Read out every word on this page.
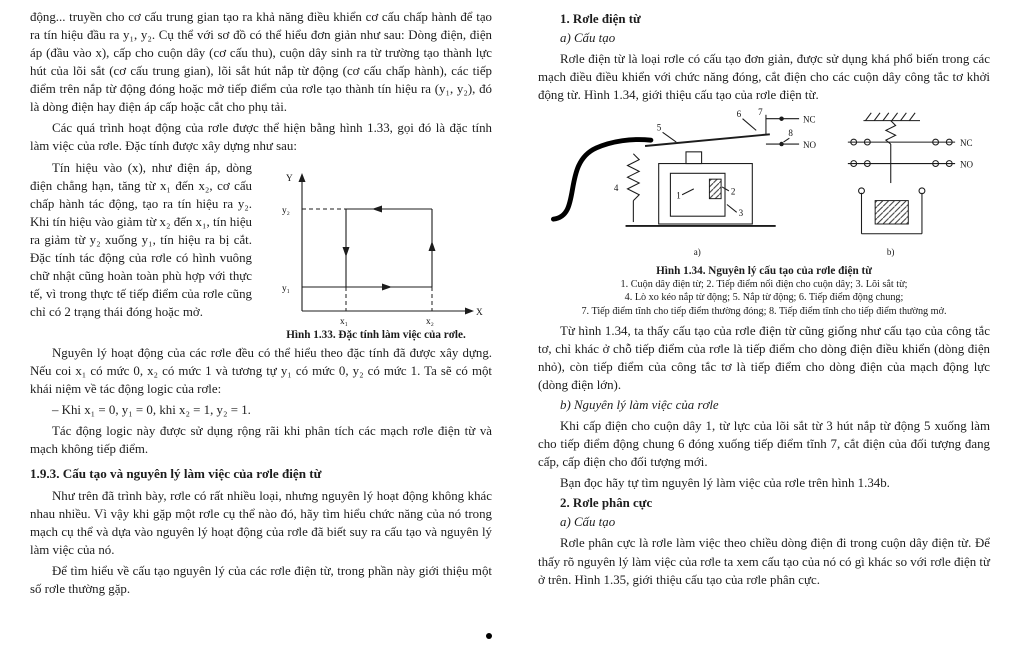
động... truyền cho cơ cấu trung gian tạo ra khả năng điều khiển cơ cấu chấp hành để tạo ra tín hiệu đầu ra y₁, y₂. Cụ thể với sơ đồ có thể hiểu đơn giản như sau: Dòng điện, điện áp (đầu vào x), cấp cho cuộn dây (cơ cấu thu), cuộn dây sinh ra từ trường tạo thành lực hút của lõi sắt (cơ cấu trung gian), lõi sắt hút nắp từ động (cơ cấu chấp hành), các tiếp điểm trên nắp từ động đóng hoặc mở tiếp điểm của rơle tạo thành tín hiệu ra (y₁, y₂), đó là dòng điện hay điện áp cấp hoặc cắt cho phụ tải.

Các quá trình hoạt động của rơle được thể hiện bằng hình 1.33, gọi đó là đặc tính làm việc của rơle. Đặc tính được xây dựng như sau:

Y
X
y₂
y₁
x₁	x₂
Hình 1.33. Đặc tính làm việc của rơle.

Tín hiệu vào (x), như điện áp, dòng điện chẳng hạn, tăng từ x₁ đến x₂, cơ cấu chấp hành tác động, tạo ra tín hiệu ra y₂. Khi tín hiệu vào giảm từ x₂ đến x₁, tín hiệu ra giảm từ y₂ xuống y₁, tín hiệu ra bị cắt. Đặc tính tác động của rơle có hình vuông chữ nhật cũng hoàn toàn phù hợp với thực tế, vì trong thực tế tiếp điểm của rơle cũng chỉ có 2 trạng thái đóng hoặc mở.

Nguyên lý hoạt động của các rơle đều có thể hiểu theo đặc tính đã được xây dựng. Nếu coi x₁ có mức 0, x₂ có mức 1 và tương tự y₁ có mức 0, y₂ có mức 1. Ta sẽ có một khái niệm về tác động logic của rơle:

– Khi x₁ = 0, y₁ = 0, khi x₂ = 1, y₂ = 1.

Tác động logic này được sử dụng rộng rãi khi phân tích các mạch rơle điện từ và mạch không tiếp điểm.

1.9.3. Cấu tạo và nguyên lý làm việc của rơle điện từ

Như trên đã trình bày, rơle có rất nhiều loại, nhưng nguyên lý hoạt động không khác nhau nhiều. Vì vậy khi gặp một rơle cụ thể nào đó, hãy tìm hiểu chức năng của nó trong mạch cụ thể và dựa vào nguyên lý hoạt động của rơle đã biết suy ra cấu tạo và nguyên lý làm việc của nó.

Để tìm hiểu về cấu tạo nguyên lý của các rơle điện từ, trong phần này giới thiệu một số rơle thường gặp.

1. Rơle điện từ
a) Cấu tạo

Rơle điện từ là loại rơle có cấu tạo đơn giản, được sử dụng khá phổ biến trong các mạch điều điều khiển với chức năng đóng, cắt điện cho các cuộn dây công tắc tơ khởi động từ. Hình 1.34, giới thiệu cấu tạo của rơle điện từ.

NC
NO
6 7
8
5
4
1	2
3
a)
NC
NO
b)
Hình 1.34. Nguyên lý cấu tạo của rơle điện từ
1. Cuộn dây điện từ; 2. Tiếp điểm nối điện cho cuộn dây; 3. Lõi sắt từ;
4. Lò xo kéo nắp từ động; 5. Nắp từ động; 6. Tiếp điểm động chung;
7. Tiếp điểm tĩnh cho tiếp điểm thường đóng; 8. Tiếp điểm tĩnh cho tiếp điểm thường mở.

Từ hình 1.34, ta thấy cấu tạo của rơle điện từ cũng giống như cấu tạo của công tắc tơ, chỉ khác ở chỗ tiếp điểm của rơle là tiếp điểm cho dòng điện điều khiển (dòng điện nhỏ), còn tiếp điểm của công tắc tơ là tiếp điểm cho dòng điện của mạch động lực (dòng điện lớn).

b) Nguyên lý làm việc của rơle

Khi cấp điện cho cuộn dây 1, từ lực của lõi sắt từ 3 hút nắp từ động 5 xuống làm cho tiếp điểm động chung 6 đóng xuống tiếp điểm tĩnh 7, cắt điện của đối tượng đang cấp, cấp điện cho đối tượng mới.

Bạn đọc hãy tự tìm nguyên lý làm việc của rơle trên hình 1.34b.

2. Rơle phân cực
a) Cấu tạo

Rơle phân cực là rơle làm việc theo chiều dòng điện đi trong cuộn dây điện từ. Để thấy rõ nguyên lý làm việc của rơle ta xem cấu tạo của nó có gì khác so với rơle điện từ ở trên. Hình 1.35, giới thiệu cấu tạo của rơle phân cực.
